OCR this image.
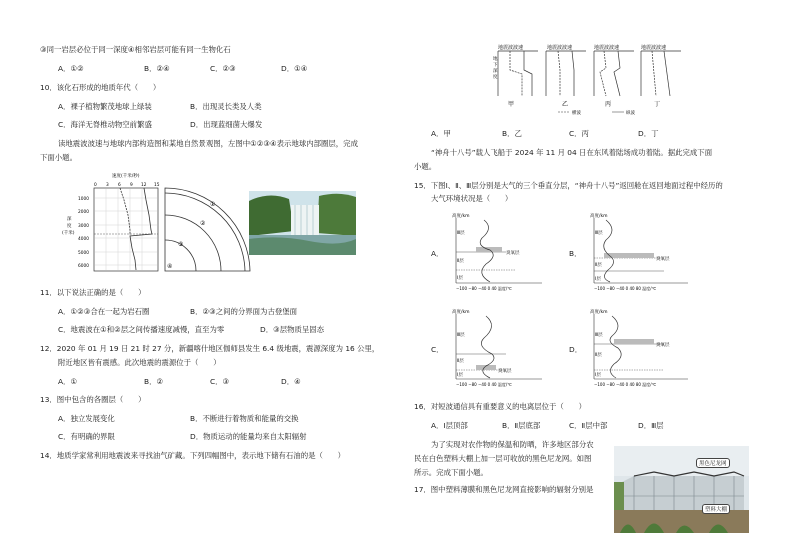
③同一岩层必位于同一深度④相邻岩层可能有同一生物化石
A．①②	B．②④	C．②③	D．①④
10．该化石形成的地质年代（　　）
A．裸子植物繁茂地球上绿装	B．出现灵长类及人类
C．海洋无脊椎动物空前繁盛	D．出现蓝细菌大爆发
读地震波波速与地球内部构造图和某地自然景观图，左图中①②③④表示地球内部圈层，完成
下面小题。
速度(千米/秒)
0 3 6 9 12 15
1000
2000
3000
4000
5000
6000
深
度
(千米)
①
②
③
④
11．以下说法正确的是（　　）
A．①②③合在一起为岩石圈	B．②③之间的分界面为古登堡面
C．地震波在①和②层之间传播速度减慢，直至为零	D．③层物质呈固态
12．2020 年 01 月 19 日 21 时 27 分，新疆喀什地区伽师县发生 6.4 级地震，震源深度为 16 公里，
附近地区皆有震感。此次地震的震源位于（　　）
A．①	B．②	C．③	D．④
13．图中包含的各圈层（　　）
A．独立发展变化	B．不断进行着物质和能量的交换
C．有明确的界限	D．物质运动的能量均来自太阳辐射
14．地质学家常利用地震波来寻找油气矿藏。下列四幅图中，表示地下储有石油的是（　　）
地震波波速	地震波波速	地震波波速	地震波波速
地
下
深
度
甲	乙	丙	丁
横波	纵波
A．甲	B．乙	C．丙	D．丁
“神舟十八号”载人飞船于 2024 年 11 月 04 日在东风着陆场成功着陆。据此完成下面
小题。
15．下图Ⅰ、Ⅱ、Ⅲ层分别是大气的三个垂直分层，“神舟十八号”返回舱在返回地面过程中经历的
大气环境状况是（　　）
A．
高度/km
Ⅲ层
Ⅱ层
Ⅰ层
臭氧层
−100 −80 −40 0 40 温度/℃
B．
高度/km
Ⅲ层
Ⅱ层
Ⅰ层
臭氧层
−100 −80 −40 0 40 80 温度/℃
C．
高度/km
Ⅲ层
Ⅱ层
Ⅰ层
臭氧层
−100 −80 −40 0 40 温度/℃
D．
高度/km
Ⅲ层
Ⅱ层
Ⅰ层
臭氧层
−100 −80 −40 0 40 80 温度/℃
16．对短波通信具有重要意义的电离层位于（　　）
A．Ⅰ层顶部	B．Ⅱ层底部	C．Ⅱ层中部	D．Ⅲ层
为了实现对农作物的保温和防晒，许多地区部分农
民在白色塑料大棚上加一层可收放的黑色尼龙网。如图
所示。完成下面小题。
17．图中塑料薄膜和黑色尼龙网直接影响的辐射分别是
黑色尼龙网
塑料大棚
